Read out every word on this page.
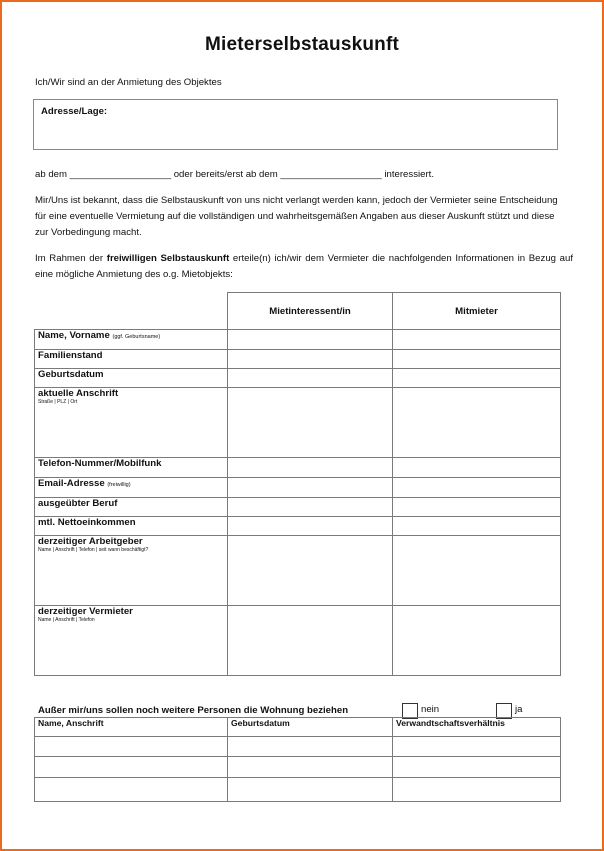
Mieterselbstauskunft
Ich/Wir sind an der Anmietung des Objektes
Adresse/Lage:
ab dem ___________________ oder bereits/erst ab dem ___________________ interessiert.
Mir/Uns ist bekannt, dass die Selbstauskunft von uns nicht verlangt werden kann, jedoch der Vermieter seine Entscheidung für eine eventuelle Vermietung auf die vollständigen und wahrheitsgemäßen Angaben aus dieser Auskunft stützt und diese zur Vorbedingung macht.
Im Rahmen der freiwilligen Selbstauskunft erteile(n) ich/wir dem Vermieter die nachfolgenden Informationen in Bezug auf eine mögliche Anmietung des o.g. Mietobjekts:
	Mietinteressent/in	Mitmieter
Name, Vorname (ggf. Geburtsname)		
Familienstand		
Geburtsdatum		
aktuelle Anschrift
Straße | PLZ | Ort		

Telefon-Nummer/Mobilfunk		
Email-Adresse (freiwillig)		
ausgeübter Beruf		
mtl. Nettoeinkommen		
derzeitiger Arbeitgeber
Name | Anschrift | Telefon | seit wann beschäftigt?		

derzeitiger Vermieter
Name | Anschrift | Telefon		

Außer mir/uns sollen noch weitere Personen die Wohnung beziehen	nein	ja
Name, Anschrift	Geburtsdatum	Verwandtschaftsverhältnis
